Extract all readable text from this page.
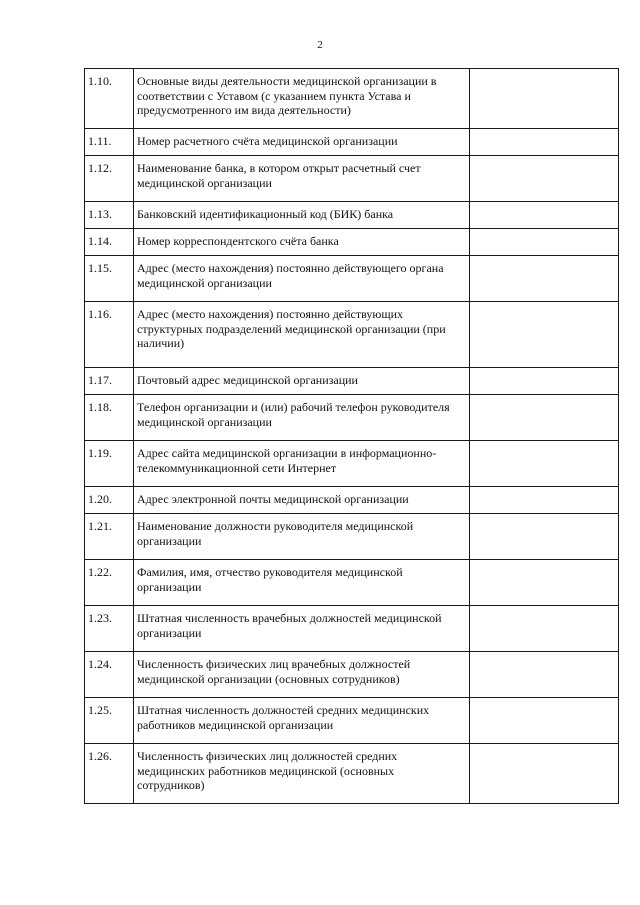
2
1.10.	Основные виды деятельности медицинской организации в соответствии с Уставом (с указанием пункта Устава и предусмотренного им вида деятельности)	
1.11.	Номер расчетного счёта медицинской организации	
1.12.	Наименование банка, в котором открыт расчетный счет медицинской организации	
1.13.	Банковский идентификационный код (БИК) банка	
1.14.	Номер корреспондентского счёта банка	
1.15.	Адрес (место нахождения) постоянно действующего органа медицинской организации	
1.16.	Адрес (место нахождения) постоянно действующих структурных подразделений медицинской организации (при наличии)	
1.17.	Почтовый адрес медицинской организации	
1.18.	Телефон организации и (или) рабочий телефон руководителя медицинской организации	
1.19.	Адрес сайта медицинской организации в информационно-телекоммуникационной сети Интернет	
1.20.	Адрес электронной почты медицинской организации	
1.21.	Наименование должности руководителя медицинской организации	
1.22.	Фамилия, имя, отчество руководителя медицинской организации	
1.23.	Штатная численность врачебных должностей медицинской организации	
1.24.	Численность физических лиц врачебных должностей медицинской организации (основных сотрудников)	
1.25.	Штатная численность должностей средних медицинских работников медицинской организации	
1.26.	Численность физических лиц должностей средних медицинских работников медицинской (основных сотрудников)	
